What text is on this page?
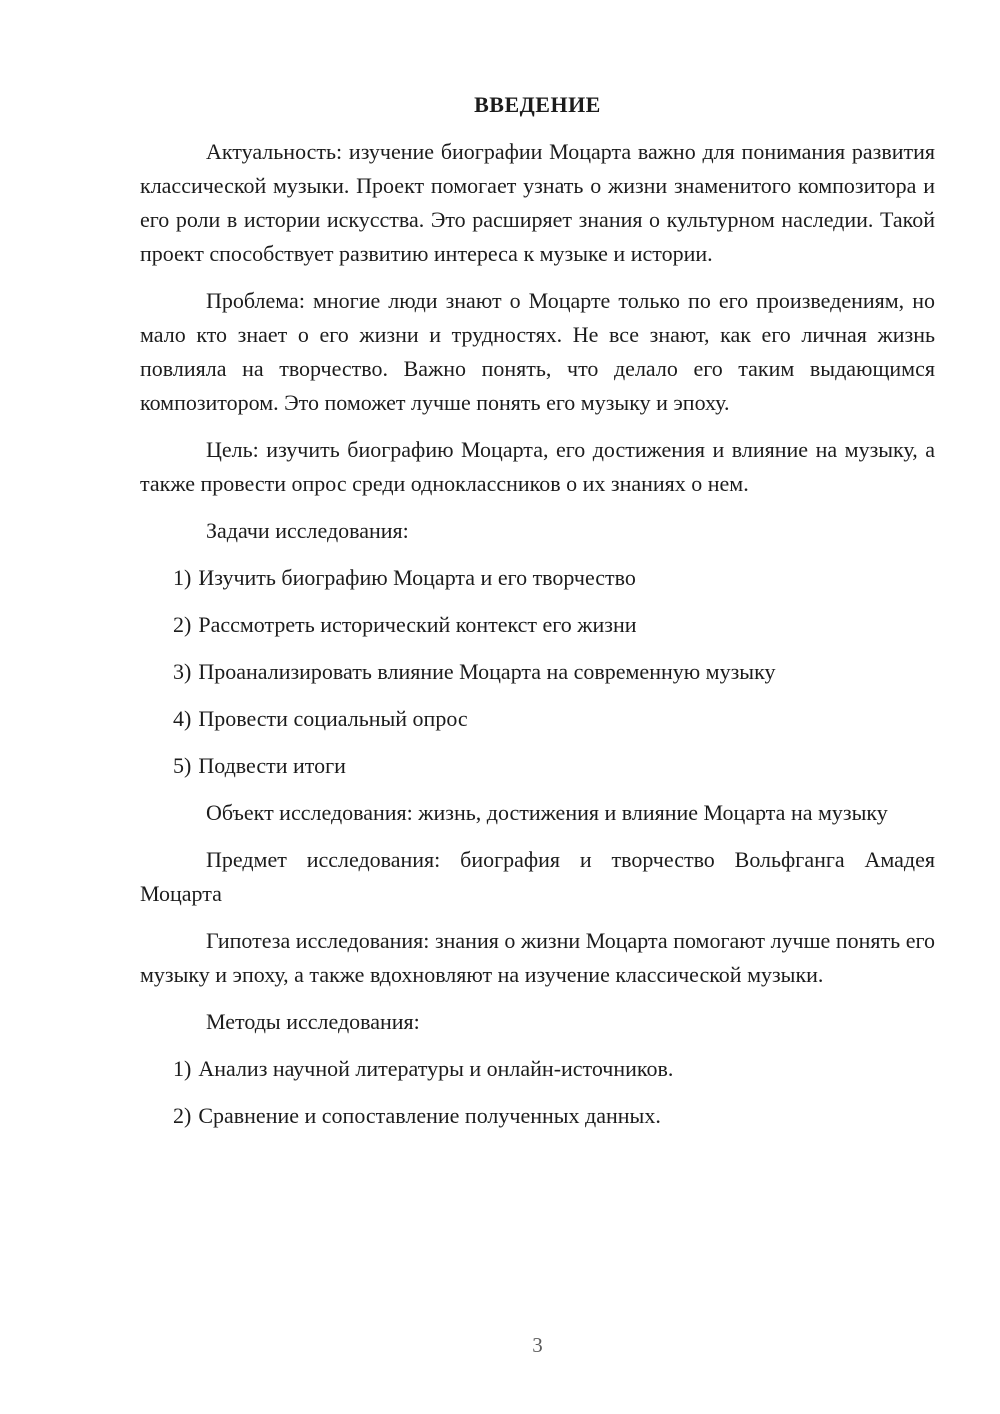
ВВЕДЕНИЕ

Актуальность: изучение биографии Моцарта важно для понимания развития классической музыки. Проект помогает узнать о жизни знаменитого композитора и его роли в истории искусства. Это расширяет знания о культурном наследии. Такой проект способствует развитию интереса к музыке и истории.

Проблема: многие люди знают о Моцарте только по его произведениям, но мало кто знает о его жизни и трудностях. Не все знают, как его личная жизнь повлияла на творчество. Важно понять, что делало его таким выдающимся композитором. Это поможет лучше понять его музыку и эпоху.

Цель: изучить биографию Моцарта, его достижения и влияние на музыку, а также провести опрос среди одноклассников о их знаниях о нем.

Задачи исследования:

1) Изучить биографию Моцарта и его творчество

2) Рассмотреть исторический контекст его жизни

3) Проанализировать влияние Моцарта на современную музыку

4) Провести социальный опрос

5) Подвести итоги

Объект исследования: жизнь, достижения и влияние Моцарта на музыку

Предмет исследования: биография и творчество Вольфганга Амадея Моцарта

Гипотеза исследования: знания о жизни Моцарта помогают лучше понять его музыку и эпоху, а также вдохновляют на изучение классической музыки.

Методы исследования:

1) Анализ научной литературы и онлайн-источников.

2) Сравнение и сопоставление полученных данных.

3
